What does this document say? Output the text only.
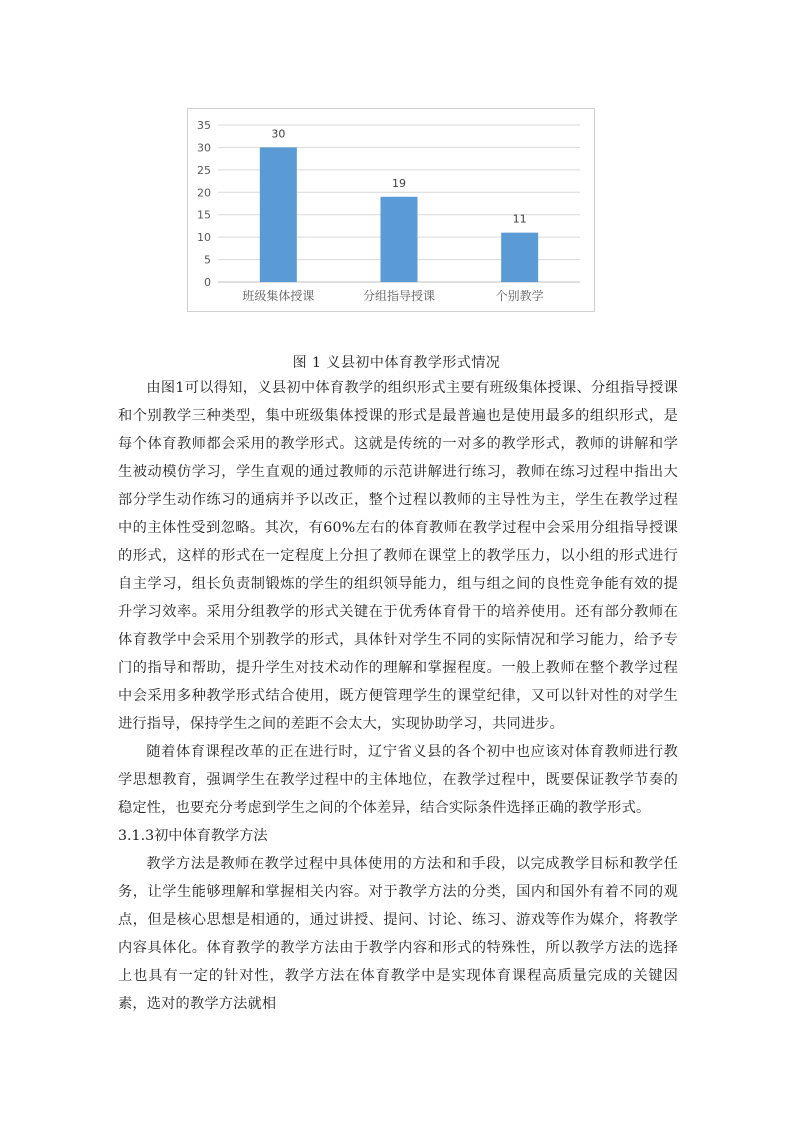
0
5
10
15
20
25
30
35
30
班级集体授课
19
分组指导授课
11
个别教学
图 1 义县初中体育教学形式情况

由图1可以得知，义县初中体育教学的组织形式主要有班级集体授课、分组指导授课和个别教学三种类型，集中班级集体授课的形式是最普遍也是使用最多的组织形式，是每个体育教师都会采用的教学形式。这就是传统的一对多的教学形式，教师的讲解和学生被动模仿学习，学生直观的通过教师的示范讲解进行练习，教师在练习过程中指出大部分学生动作练习的通病并予以改正，整个过程以教师的主导性为主，学生在教学过程中的主体性受到忽略。其次，有60%左右的体育教师在教学过程中会采用分组指导授课的形式，这样的形式在一定程度上分担了教师在课堂上的教学压力，以小组的形式进行自主学习，组长负责制锻炼的学生的组织领导能力，组与组之间的良性竞争能有效的提升学习效率。采用分组教学的形式关键在于优秀体育骨干的培养使用。还有部分教师在体育教学中会采用个别教学的形式，具体针对学生不同的实际情况和学习能力，给予专门的指导和帮助，提升学生对技术动作的理解和掌握程度。一般上教师在整个教学过程中会采用多种教学形式结合使用，既方便管理学生的课堂纪律，又可以针对性的对学生进行指导，保持学生之间的差距不会太大，实现协助学习，共同进步。

随着体育课程改革的正在进行时，辽宁省义县的各个初中也应该对体育教师进行教学思想教育，强调学生在教学过程中的主体地位，在教学过程中，既要保证教学节奏的稳定性，也要充分考虑到学生之间的个体差异，结合实际条件选择正确的教学形式。

3.1.3初中体育教学方法

教学方法是教师在教学过程中具体使用的方法和和手段，以完成教学目标和教学任务，让学生能够理解和掌握相关内容。对于教学方法的分类，国内和国外有着不同的观点，但是核心思想是相通的，通过讲授、提问、讨论、练习、游戏等作为媒介，将教学内容具体化。体育教学的教学方法由于教学内容和形式的特殊性，所以教学方法的选择上也具有一定的针对性，教学方法在体育教学中是实现体育课程高质量完成的关键因素，选对的教学方法就相
